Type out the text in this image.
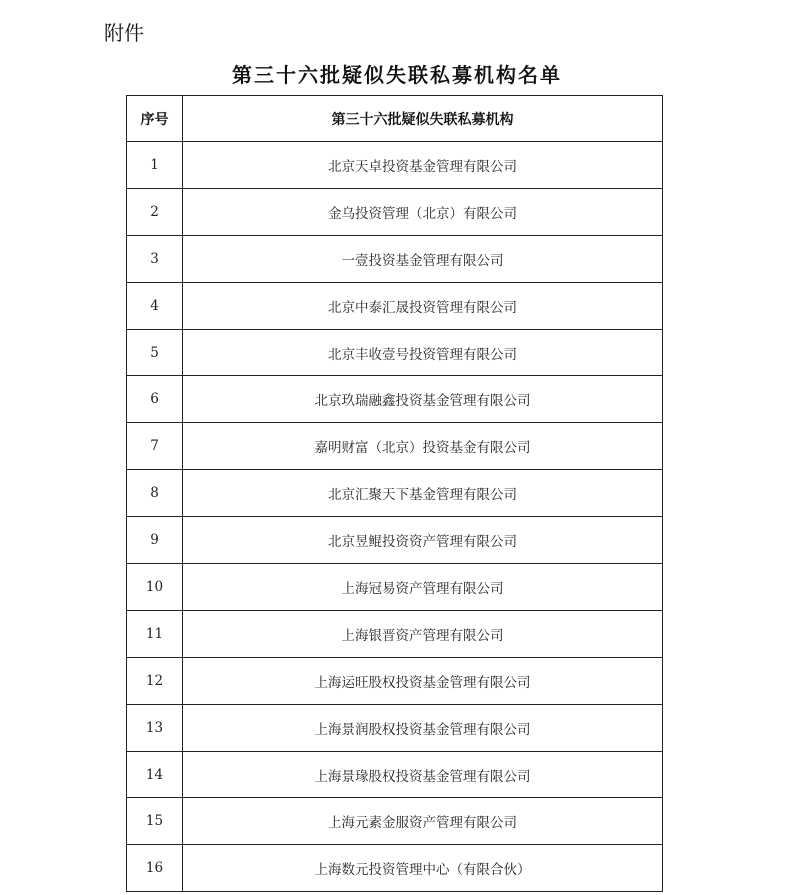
附件
第三十六批疑似失联私募机构名单
序号	第三十六批疑似失联私募机构
1	北京天卓投资基金管理有限公司
2	金乌投资管理（北京）有限公司
3	一壹投资基金管理有限公司
4	北京中泰汇晟投资管理有限公司
5	北京丰收壹号投资管理有限公司
6	北京玖瑞融鑫投资基金管理有限公司
7	嘉明财富（北京）投资基金有限公司
8	北京汇聚天下基金管理有限公司
9	北京昱鲲投资资产管理有限公司
10	上海冠易资产管理有限公司
11	上海银晋资产管理有限公司
12	上海运旺股权投资基金管理有限公司
13	上海景润股权投资基金管理有限公司
14	上海景瑑股权投资基金管理有限公司
15	上海元素金服资产管理有限公司
16	上海数元投资管理中心（有限合伙）
